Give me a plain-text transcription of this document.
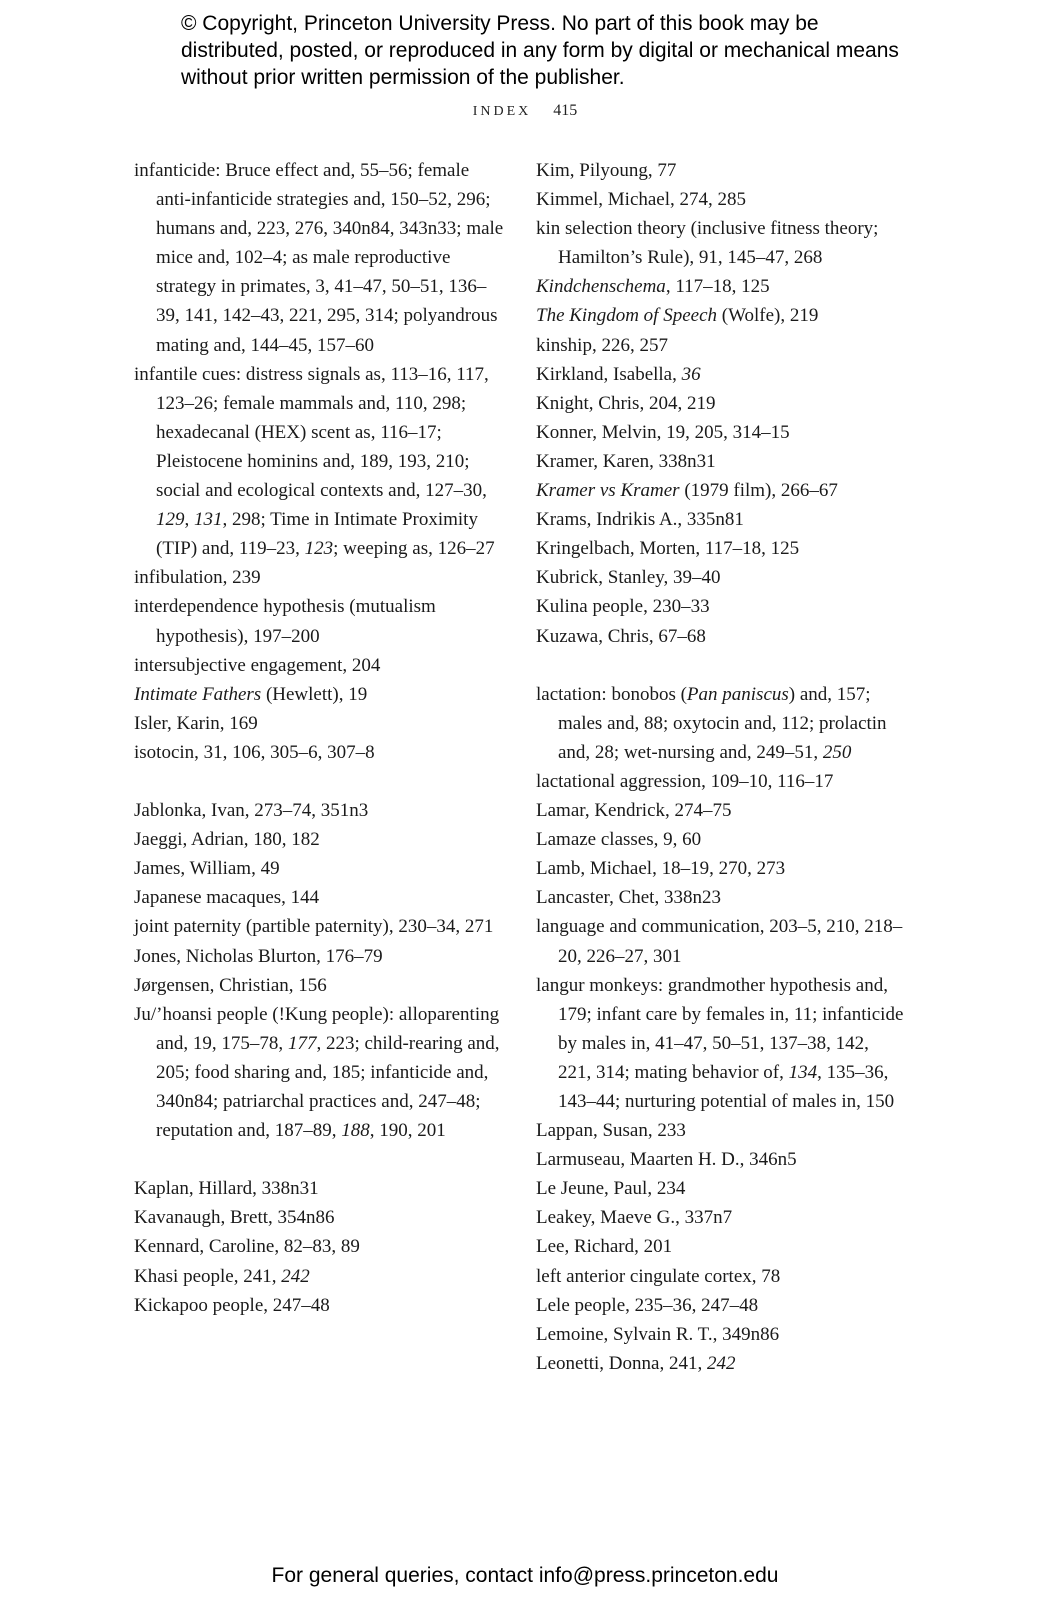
© Copyright, Princeton University Press. No part of this book may be distributed, posted, or reproduced in any form by digital or mechanical means without prior written permission of the publisher.
INDEX 415
infanticide: Bruce effect and, 55–56; female anti-infanticide strategies and, 150–52, 296; humans and, 223, 276, 340n84, 343n33; male mice and, 102–4; as male reproductive strategy in primates, 3, 41–47, 50–51, 136–39, 141, 142–43, 221, 295, 314; polyandrous mating and, 144–45, 157–60
infantile cues: distress signals as, 113–16, 117, 123–26; female mammals and, 110, 298; hexadecanal (HEX) scent as, 116–17; Pleistocene hominins and, 189, 193, 210; social and ecological contexts and, 127–30, 129, 131, 298; Time in Intimate Proximity (TIP) and, 119–23, 123; weeping as, 126–27
infibulation, 239
interdependence hypothesis (mutualism hypothesis), 197–200
intersubjective engagement, 204
Intimate Fathers (Hewlett), 19
Isler, Karin, 169
isotocin, 31, 106, 305–6, 307–8
Jablonka, Ivan, 273–74, 351n3
Jaeggi, Adrian, 180, 182
James, William, 49
Japanese macaques, 144
joint paternity (partible paternity), 230–34, 271
Jones, Nicholas Blurton, 176–79
Jørgensen, Christian, 156
Ju/’hoansi people (!Kung people): alloparenting and, 19, 175–78, 177, 223; child-rearing and, 205; food sharing and, 185; infanticide and, 340n84; patriarchal practices and, 247–48; reputation and, 187–89, 188, 190, 201
Kaplan, Hillard, 338n31
Kavanaugh, Brett, 354n86
Kennard, Caroline, 82–83, 89
Khasi people, 241, 242
Kickapoo people, 247–48
Kim, Pilyoung, 77
Kimmel, Michael, 274, 285
kin selection theory (inclusive fitness theory; Hamilton’s Rule), 91, 145–47, 268
Kindchenschema, 117–18, 125
The Kingdom of Speech (Wolfe), 219
kinship, 226, 257
Kirkland, Isabella, 36
Knight, Chris, 204, 219
Konner, Melvin, 19, 205, 314–15
Kramer, Karen, 338n31
Kramer vs Kramer (1979 film), 266–67
Krams, Indrikis A., 335n81
Kringelbach, Morten, 117–18, 125
Kubrick, Stanley, 39–40
Kulina people, 230–33
Kuzawa, Chris, 67–68
lactation: bonobos (Pan paniscus) and, 157; males and, 88; oxytocin and, 112; prolactin and, 28; wet-nursing and, 249–51, 250
lactational aggression, 109–10, 116–17
Lamar, Kendrick, 274–75
Lamaze classes, 9, 60
Lamb, Michael, 18–19, 270, 273
Lancaster, Chet, 338n23
language and communication, 203–5, 210, 218–20, 226–27, 301
langur monkeys: grandmother hypothesis and, 179; infant care by females in, 11; infanticide by males in, 41–47, 50–51, 137–38, 142, 221, 314; mating behavior of, 134, 135–36, 143–44; nurturing potential of males in, 150
Lappan, Susan, 233
Larmuseau, Maarten H. D., 346n5
Le Jeune, Paul, 234
Leakey, Maeve G., 337n7
Lee, Richard, 201
left anterior cingulate cortex, 78
Lele people, 235–36, 247–48
Lemoine, Sylvain R. T., 349n86
Leonetti, Donna, 241, 242
For general queries, contact info@press.princeton.edu
